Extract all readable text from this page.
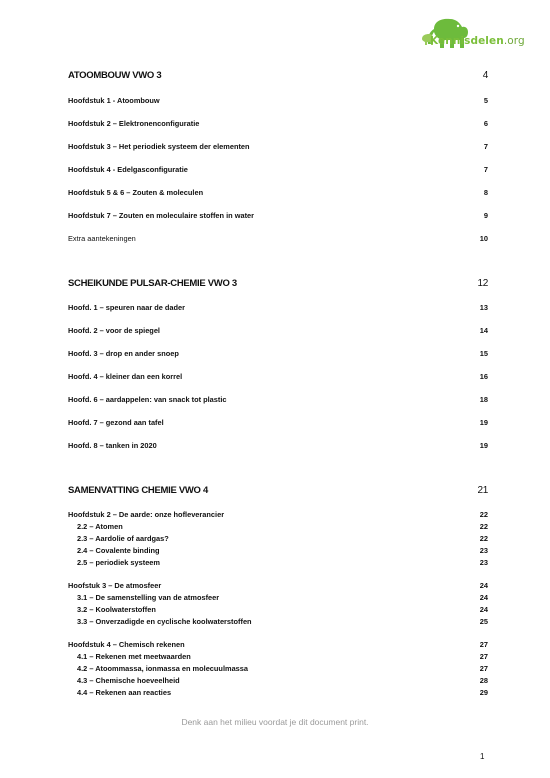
Kennisdelen.org
ATOOMBOUW VWO 3	4
Hoofdstuk 1 - Atoombouw	5
Hoofdstuk 2 – Elektronenconfiguratie	6
Hoofdstuk 3 – Het periodiek systeem der elementen	7
Hoofdstuk 4 - Edelgasconfiguratie	7
Hoofdstuk 5 & 6 – Zouten & moleculen	8
Hoofdstuk 7 – Zouten en moleculaire stoffen in water	9
Extra aantekeningen	10
SCHEIKUNDE PULSAR-CHEMIE VWO 3	12
Hoofd. 1 – speuren naar de dader	13
Hoofd. 2 – voor de spiegel	14
Hoofd. 3 – drop en ander snoep	15
Hoofd. 4 – kleiner dan een korrel	16
Hoofd. 6 – aardappelen: van snack tot plastic	18
Hoofd. 7 – gezond aan tafel	19
Hoofd. 8 – tanken in 2020	19
SAMENVATTING CHEMIE VWO 4	21
Hoofdstuk 2 – De aarde: onze hofleverancier	22
2.2 – Atomen	22
2.3 – Aardolie of aardgas?	22
2.4 – Covalente binding	23
2.5 – periodiek systeem	23
Hoofstuk 3 – De atmosfeer	24
3.1 – De samenstelling van de atmosfeer	24
3.2 – Koolwaterstoffen	24
3.3 – Onverzadigde en cyclische koolwaterstoffen	25
Hoofdstuk 4 – Chemisch rekenen	27
4.1 – Rekenen met meetwaarden	27
4.2 – Atoommassa, ionmassa en molecuulmassa	27
4.3 – Chemische hoeveelheid	28
4.4 – Rekenen aan reacties	29
Denk aan het milieu voordat je dit document print.
1
